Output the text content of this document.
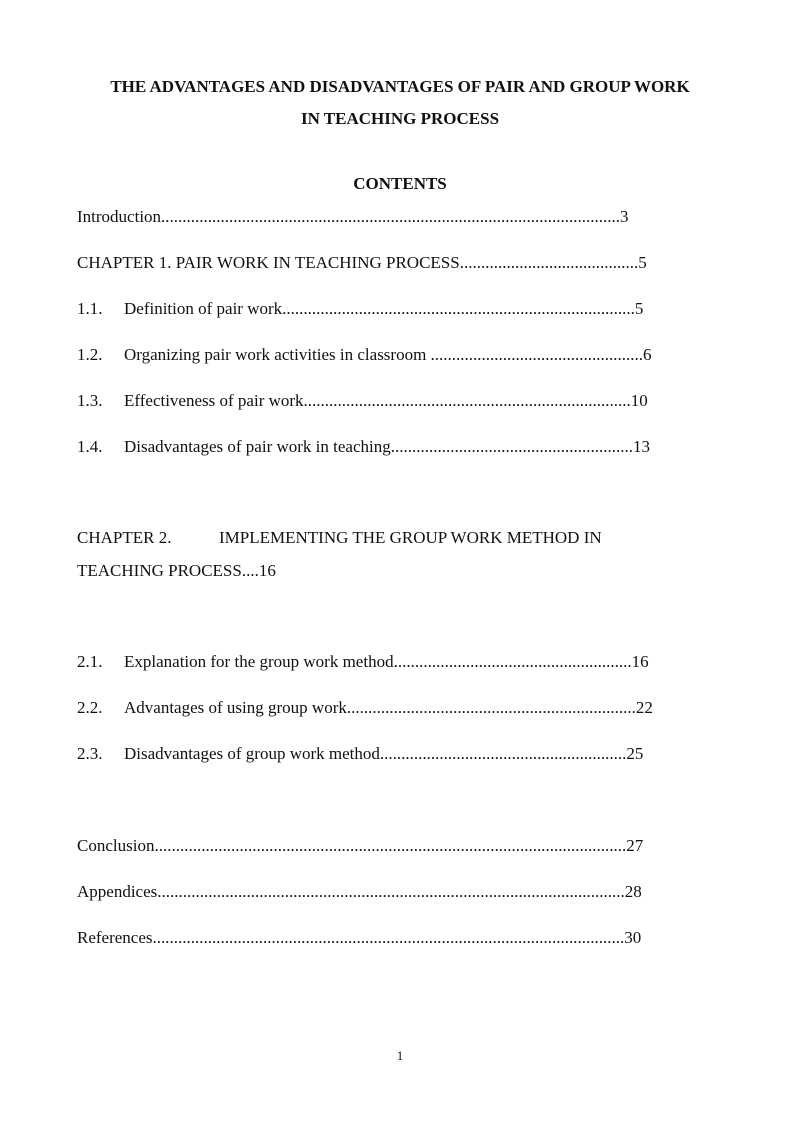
THE ADVANTAGES AND DISADVANTAGES OF PAIR AND GROUP WORK
IN TEACHING PROCESS
CONTENTS
Introduction............................................................................................................3
CHAPTER 1. PAIR WORK IN TEACHING PROCESS..........................................5
1.1. Definition of pair work...................................................................................5
1.2. Organizing pair work activities in classroom ..................................................6
1.3. Effectiveness of pair work.............................................................................10
1.4. Disadvantages of pair work in teaching.........................................................13
CHAPTER 2.	IMPLEMENTING THE GROUP WORK METHOD IN
TEACHING PROCESS....16
2.1. Explanation for the group work method........................................................16
2.2. Advantages of using group work....................................................................22
2.3. Disadvantages of group work method..........................................................25
Conclusion...............................................................................................................27
Appendices..............................................................................................................28
References...............................................................................................................30
1
